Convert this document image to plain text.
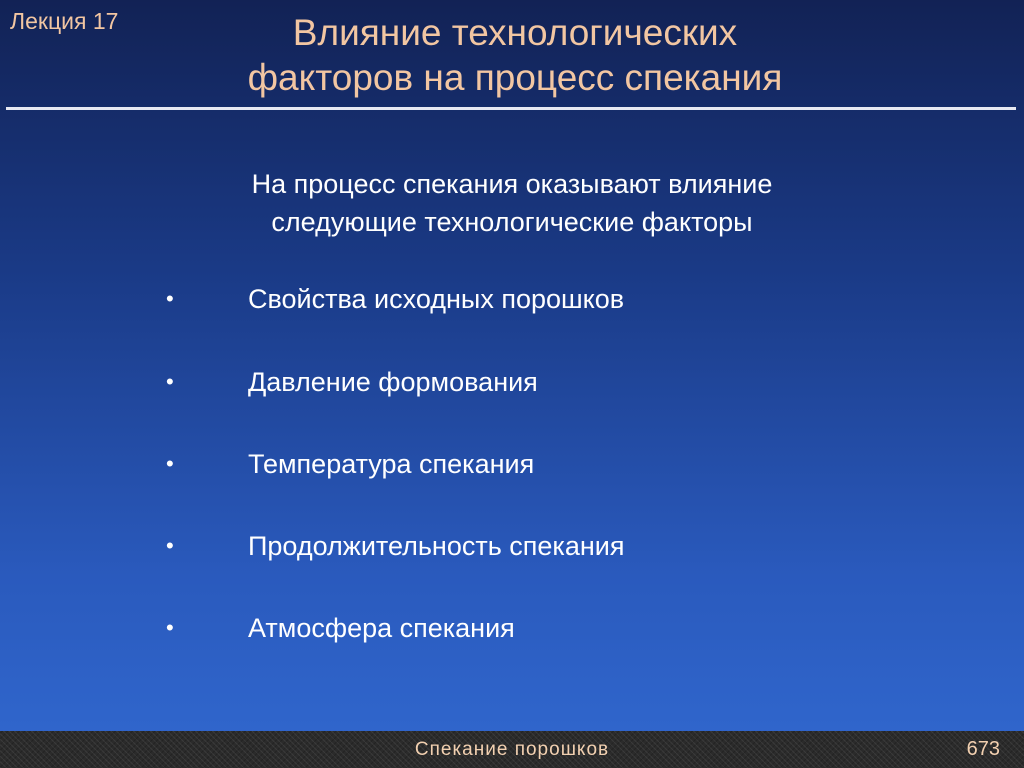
Лекция 17	Влияние технологических
факторов на процесс спекания
На процесс спекания оказывают влияние
следующие технологические факторы
•	Свойства исходных порошков
•	Давление формования
•	Температура спекания
•	Продолжительность спекания
•	Атмосфера спекания
Спекание порошков	673
